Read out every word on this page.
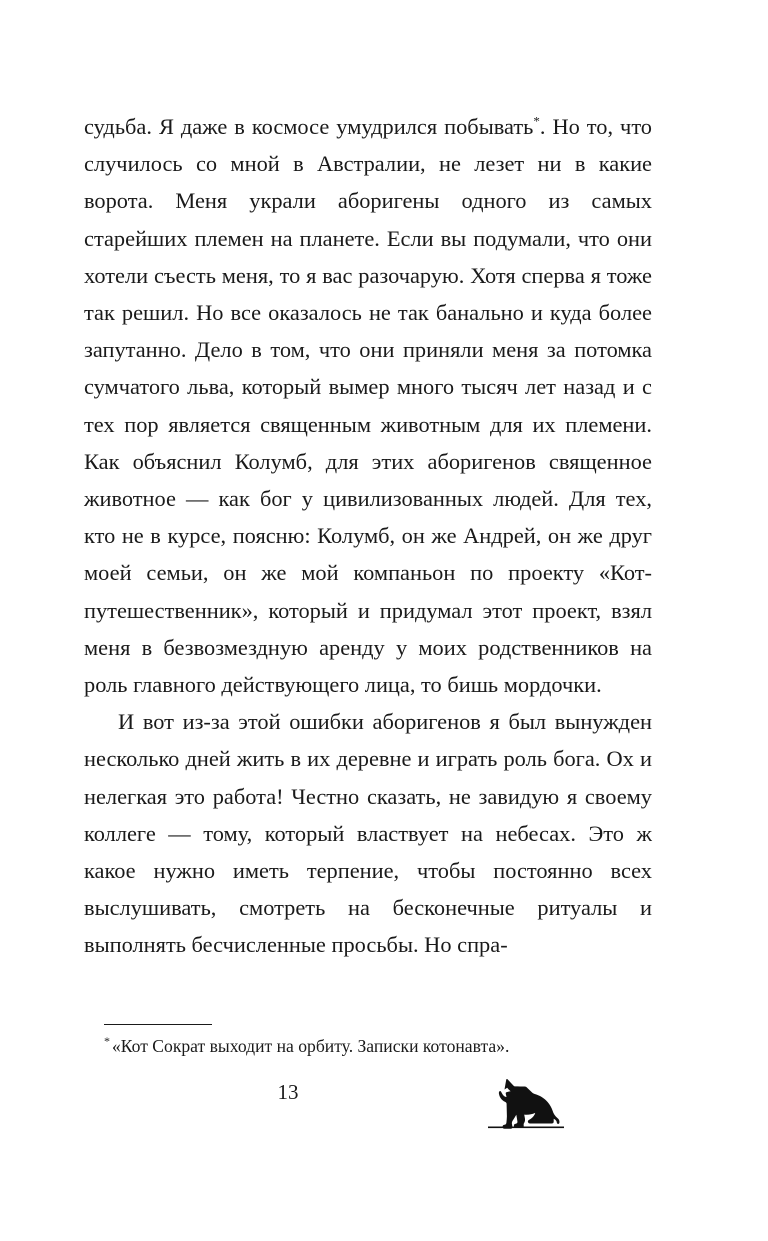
судьба. Я даже в космосе умудрился побывать*. Но то, что случилось со мной в Австралии, не лезет ни в какие ворота. Меня украли аборигены одного из самых старейших племен на планете. Если вы подумали, что они хотели съесть меня, то я вас разочарую. Хотя сперва я тоже так решил. Но все оказалось не так банально и куда более запутанно. Дело в том, что они приняли меня за потомка сумчатого льва, который вымер много тысяч лет назад и с тех пор является священным животным для их племени. Как объяснил Колумб, для этих аборигенов священное животное — как бог у цивилизованных людей. Для тех, кто не в курсе, поясню: Колумб, он же Андрей, он же друг моей семьи, он же мой компаньон по проекту «Кот-путешественник», который и придумал этот проект, взял меня в безвозмездную аренду у моих родственников на роль главного действующего лица, то бишь мордочки.

И вот из-за этой ошибки аборигенов я был вынужден несколько дней жить в их деревне и играть роль бога. Ох и нелегкая это работа! Честно сказать, не завидую я своему коллеге — тому, который властвует на небесах. Это ж какое нужно иметь терпение, чтобы постоянно всех выслушивать, смотреть на бесконечные ритуалы и выполнять бесчисленные просьбы. Но спра-

* «Кот Сократ выходит на орбиту. Записки котонавта».

13
